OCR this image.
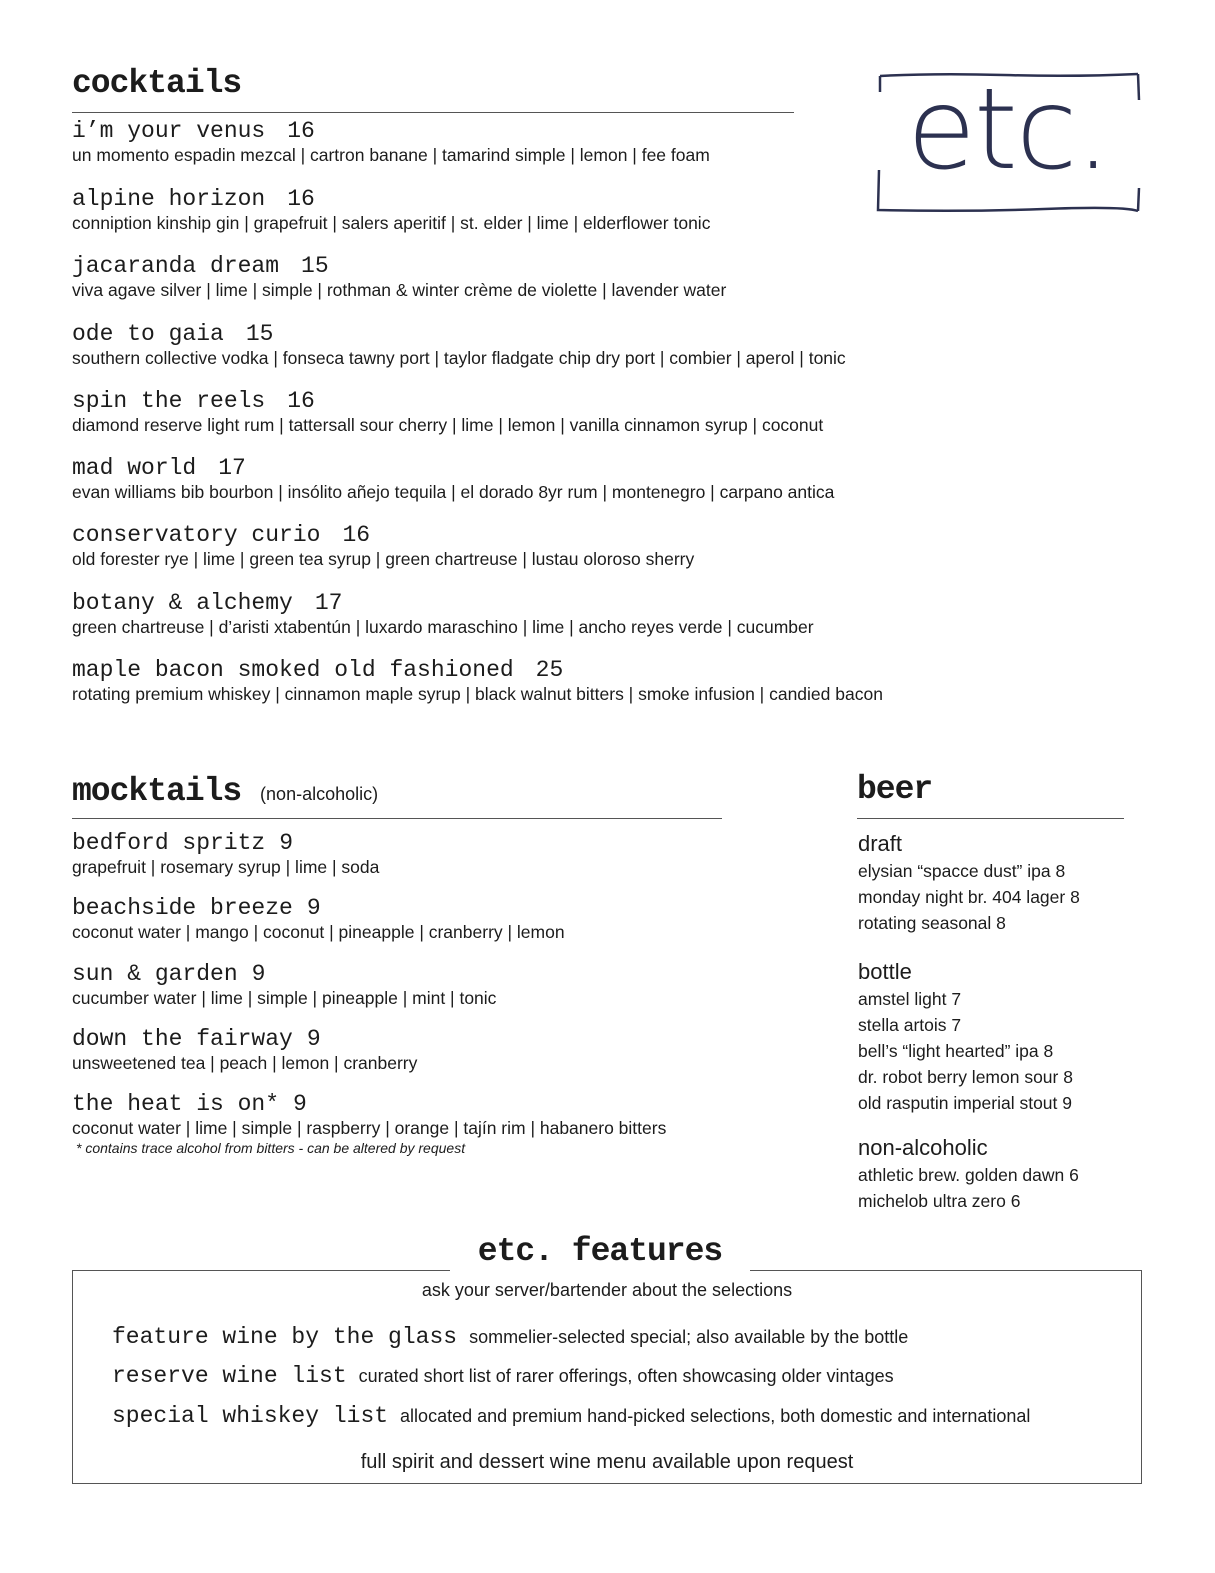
etc.
cocktails
i’m your venus 16
un momento espadin mezcal | cartron banane | tamarind simple | lemon | fee foam
alpine horizon 16
conniption kinship gin | grapefruit | salers aperitif | st. elder | lime | elderflower tonic
jacaranda dream 15
viva agave silver | lime | simple | rothman & winter crème de violette | lavender water
ode to gaia 15
southern collective vodka | fonseca tawny port | taylor fladgate chip dry port | combier | aperol | tonic
spin the reels 16
diamond reserve light rum | tattersall sour cherry | lime | lemon | vanilla cinnamon syrup | coconut
mad world 17
evan williams bib bourbon | insólito añejo tequila | el dorado 8yr rum | montenegro | carpano antica
conservatory curio 16
old forester rye | lime | green tea syrup | green chartreuse | lustau oloroso sherry
botany & alchemy 17
green chartreuse | d’aristi xtabentún | luxardo maraschino | lime | ancho reyes verde | cucumber
maple bacon smoked old fashioned 25
rotating premium whiskey | cinnamon maple syrup | black walnut bitters | smoke infusion | candied bacon
mocktails (non-alcoholic)
bedford spritz 9
grapefruit | rosemary syrup | lime | soda
beachside breeze 9
coconut water | mango | coconut | pineapple | cranberry | lemon
sun & garden 9
cucumber water | lime | simple | pineapple | mint | tonic
down the fairway 9
unsweetened tea | peach | lemon | cranberry
the heat is on* 9
coconut water | lime | simple | raspberry | orange | tajín rim | habanero bitters
* contains trace alcohol from bitters - can be altered by request
beer
draft
elysian “spacce dust” ipa 8
monday night br. 404 lager 8
rotating seasonal 8
bottle
amstel light 7
stella artois 7
bell’s “light hearted” ipa 8
dr. robot berry lemon sour 8
old rasputin imperial stout 9
non-alcoholic
athletic brew. golden dawn 6
michelob ultra zero 6
etc. features
ask your server/bartender about the selections
feature wine by the glass sommelier-selected special; also available by the bottle
reserve wine list curated short list of rarer offerings, often showcasing older vintages
special whiskey list allocated and premium hand-picked selections, both domestic and international
full spirit and dessert wine menu available upon request
